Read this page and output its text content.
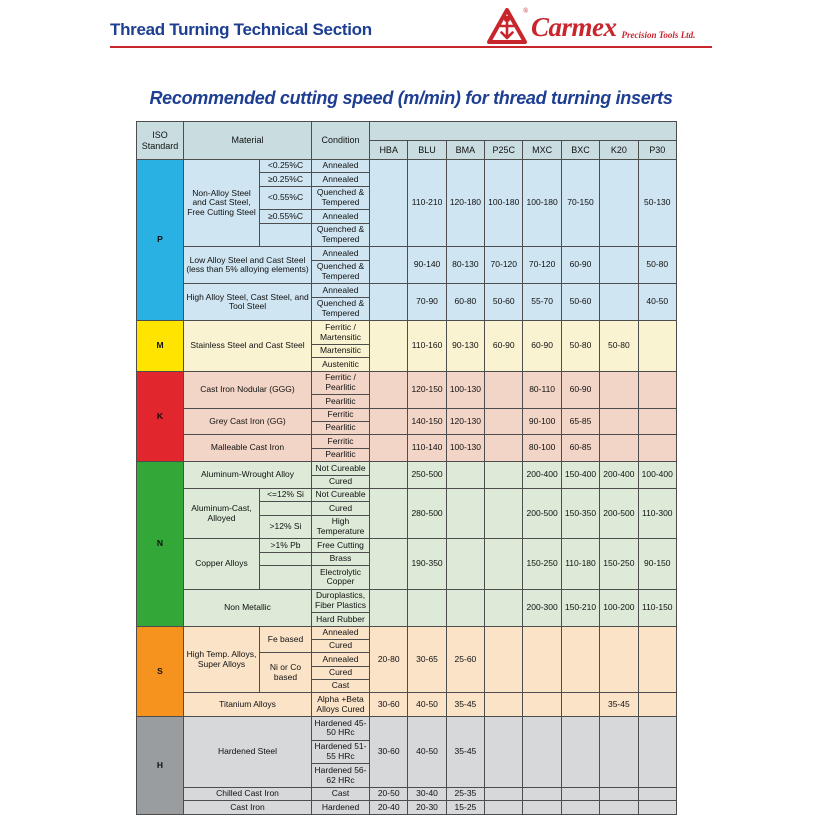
Thread Turning Technical Section
®
Carmex Precision Tools Ltd.
Recommended cutting speed (m/min) for thread turning inserts
ISO Standard	Material		Condition								
				HBA	BLU	BMA	P25C	MXC	BXC	K20	P30
P	Non-Alloy Steel and Cast Steel, Free Cutting Steel	<0.25%C	Annealed		110-210	120-180	100-180	100-180	70-150		50-130
		≥0.25%C	Annealed								
		<0.55%C	Quenched & Tempered								
		≥0.55%C	Annealed								
			Quenched & Tempered								
	Low Alloy Steel and Cast Steel (less than 5% alloying elements)		Annealed		90-140	80-130	70-120	70-120	60-90		50-80
			Quenched & Tempered								
	High Alloy Steel, Cast Steel, and Tool Steel		Annealed		70-90	60-80	50-60	55-70	50-60		40-50
			Quenched & Tempered								
M	Stainless Steel and Cast Steel		Ferritic / Martensitic		110-160	90-130	60-90	60-90	50-80	50-80	
			Martensitic								
			Austenitic								
K	Cast Iron Nodular (GGG)		Ferritic / Pearlitic		120-150	100-130		80-110	60-90		
			Pearlitic								
	Grey Cast Iron (GG)		Ferritic		140-150	120-130		90-100	65-85		
			Pearlitic								
	Malleable Cast Iron		Ferritic		110-140	100-130		80-100	60-85		
			Pearlitic								
N	Aluminum-Wrought Alloy		Not Cureable		250-500			200-400	150-400	200-400	100-400
			Cured								
	Aluminum-Cast, Alloyed	<=12% Si	Not Cureable		280-500			200-500	150-350	200-500	110-300
			Cured								
		>12% Si	High Temperature								
	Copper Alloys	>1% Pb	Free Cutting		190-350			150-250	110-180	150-250	90-150
			Brass								
			Electrolytic Copper								
	Non Metallic		Duroplastics, Fiber Plastics					200-300	150-210	100-200	110-150
			Hard Rubber								
S	High Temp. Alloys, Super Alloys	Fe based	Annealed	20-80	30-65	25-60					
			Cured								
		Ni or Co based	Annealed								
			Cured								
			Cast								
	Titanium Alloys		Alpha +Beta Alloys Cured	30-60	40-50	35-45				35-45	
H	Hardened Steel		Hardened 45-50 HRc	30-60	40-50	35-45					
			Hardened 51-55 HRc								
			Hardened 56-62 HRc								
	Chilled Cast Iron		Cast	20-50	30-40	25-35					
	Cast Iron		Hardened	20-40	20-30	15-25					
